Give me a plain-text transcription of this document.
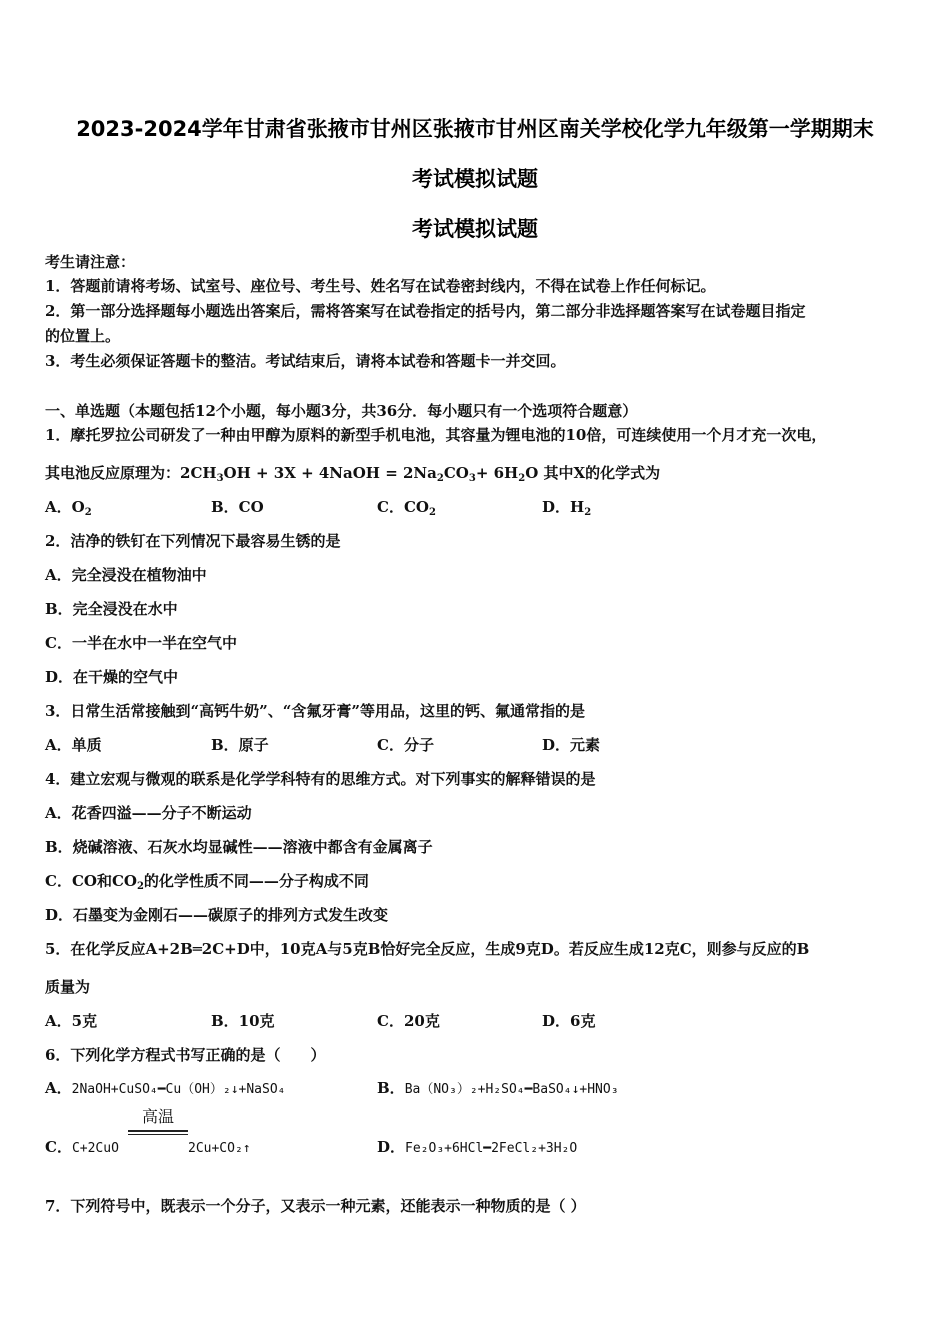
2023-2024学年甘肃省张掖市甘州区张掖市甘州区南关学校化学九年级第一学期期末
考试模拟试题
考试模拟试题
考生请注意：
1．答题前请将考场、试室号、座位号、考生号、姓名写在试卷密封线内，不得在试卷上作任何标记。
2．第一部分选择题每小题选出答案后，需将答案写在试卷指定的括号内，第二部分非选择题答案写在试卷题目指定
的位置上。
3．考生必须保证答题卡的整洁。考试结束后，请将本试卷和答题卡一并交回。
一、单选题（本题包括12个小题，每小题3分，共36分．每小题只有一个选项符合题意）
1．摩托罗拉公司研发了一种由甲醇为原料的新型手机电池，其容量为锂电池的10倍，可连续使用一个月才充一次电，
其电池反应原理为：$2CH_3OH + 3X$ + 4NaOH = $2Na_2CO_3+ 6H_2O$ 其中X的化学式为
A．$O_2$	B．CO	C．$CO_2$	D．$H_2$
2．洁净的铁钉在下列情况下最容易生锈的是
A．完全浸没在植物油中
B．完全浸没在水中
C．一半在水中一半在空气中
D．在干燥的空气中
3．日常生活常接触到“高钙牛奶”、“含氟牙膏”等用品，这里的钙、氟通常指的是
A．单质	B．原子	C．分子	D．元素
4．建立宏观与微观的联系是化学学科特有的思维方式。对下列事实的解释错误的是
A．花香四溢——分子不断运动
B．烧碱溶液、石灰水均显碱性——溶液中都含有金属离子
C．CO和$CO_2$的化学性质不同——分子构成不同
D．石墨变为金刚石——碳原子的排列方式发生改变
5．在化学反应A+2B═2C+D中，10克A与5克B恰好完全反应，生成9克D。若反应生成12克C，则参与反应的B
质量为
A．5克	B．10克	C．20克	D．6克
6．下列化学方程式书写正确的是（　　）
A．2NaOH+CuSO₄━Cu（OH）₂↓+NaSO₄	B．Ba（NO₃）₂+H₂SO₄━BaSO₄↓+HNO₃
高温
C．C+2CuO	2Cu+CO₂↑	D．Fe₂O₃+6HCl━2FeCl₂+3H₂O
7．下列符号中，既表示一个分子，又表示一种元素，还能表示一种物质的是（ ）
